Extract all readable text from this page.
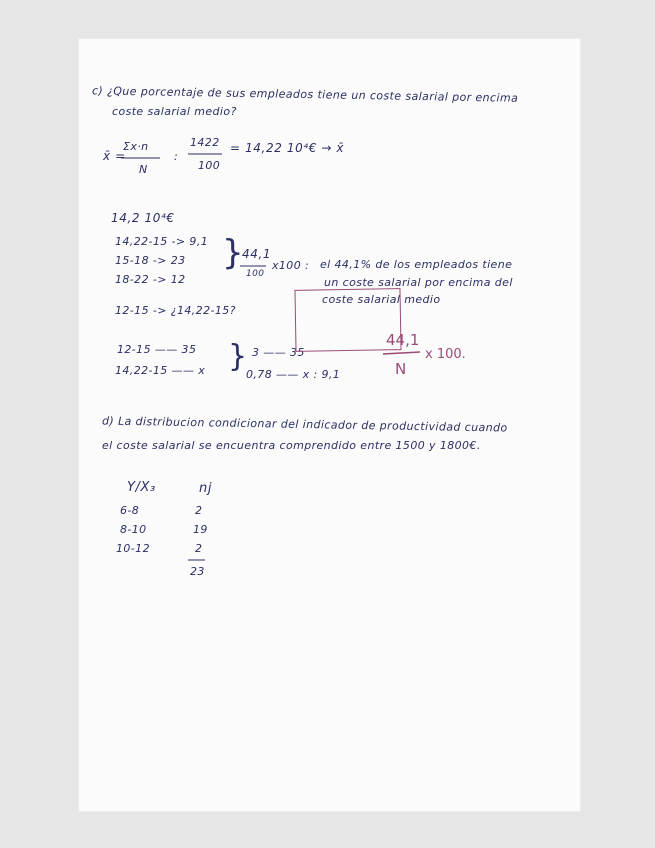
c) ¿Que porcentaje de sus empleados tiene un coste salarial por encima
coste salarial medio?
x̄ =
Σx·n
N
:
1422
100
= 14,22 10⁴€ → x̄
14,2 10⁴€
14,22-15 -> 9,1
15-18 -> 23
18-22 -> 12
}
44,1
100
x100 : el 44,1% de los empleados tiene
un coste salarial por encima del
coste salarial medio
12-15 -> ¿14,22-15?
12-15 —— 35
14,22-15 —— x } 3 —— 35
0,78 —— x : 9,1
44,1
N
x 100.
d) La distribucion condicionar del indicador de productividad cuando
el coste salarial se encuentra comprendido entre 1500 y 1800€.
Y/X₃	nj
6-8	2
8-10	19
10-12	2
23
